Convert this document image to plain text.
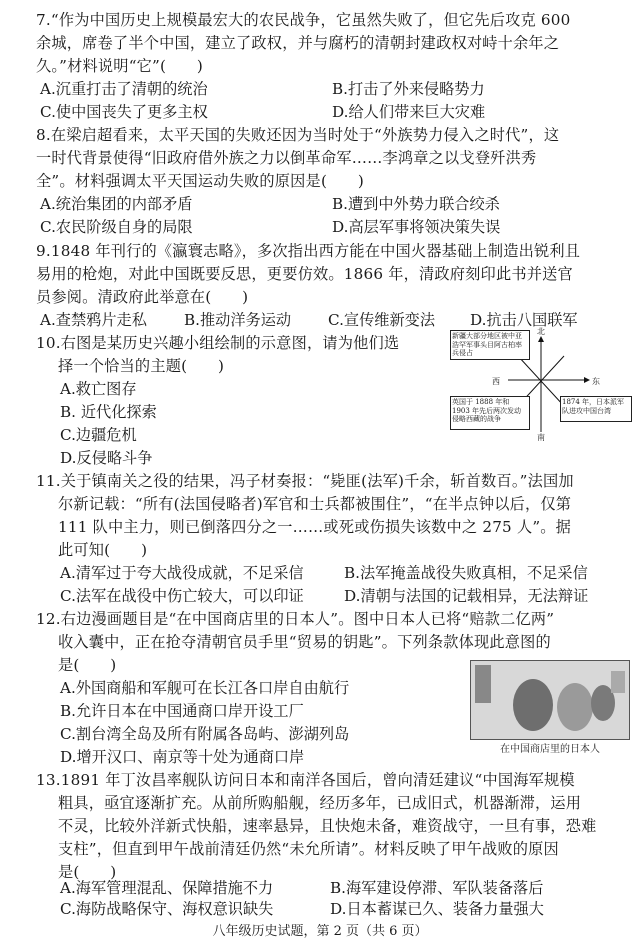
7.“作为中国历史上规模最宏大的农民战争，它虽然失败了，但它先后攻克 600
余城，席卷了半个中国，建立了政权，并与腐朽的清朝封建政权对峙十余年之
久。”材料说明“它”(　　)
A.沉重打击了清朝的统治	B.打击了外来侵略势力
C.使中国丧失了更多主权	D.给人们带来巨大灾难
8.在梁启超看来，太平天国的失败还因为当时处于“外族势力侵入之时代”，这
一时代背景使得“旧政府借外族之力以倒革命军……李鸿章之以戈登歼洪秀
全”。材料强调太平天国运动失败的原因是(　　)
A.统治集团的内部矛盾	B.遭到中外势力联合绞杀
C.农民阶级自身的局限	D.高层军事将领决策失误
9.1848 年刊行的《瀛寰志略》，多次指出西方能在中国火器基础上制造出锐利且
易用的枪炮，对此中国既要反思，更要仿效。1866 年，清政府刻印此书并送官
员参阅。清政府此举意在(　　)
A.查禁鸦片走私 B.推动洋务运动 C.宣传维新变法 D.抗击八国联军
10.右图是某历史兴趣小组绘制的示意图，请为他们选
择一个恰当的主题(　　)
A.救亡图存
B. 近代化探索
C.边疆危机
D.反侵略斗争
北
南
东
西
新疆大部分地区被中亚浩罕军事头目阿古柏率兵侵占
英国于 1888 年和 1903 年先后两次发动侵略西藏的战争
1874 年，日本派军队进攻中国台湾
11.关于镇南关之役的结果，冯子材奏报：“毙匪(法军)千余，斩首数百。”法国加
尔新记载：“所有(法国侵略者)军官和士兵都被围住”，“在半点钟以后，仅第
111 队中主力，则已倒落四分之一……或死或伤损失该数中之 275 人”。据
此可知(　　)
A.清军过于夸大战役成就，不足采信	B.法军掩盖战役失败真相，不足采信
C.法军在战役中伤亡较大，可以印证	D.清朝与法国的记载相异，无法辩证
12.右边漫画题目是“在中国商店里的日本人”。图中日本人已将“赔款二亿两”
收入囊中，正在抢夺清朝官员手里“贸易的钥匙”。下列条款体现此意图的
是(　　)
A.外国商船和军舰可在长江各口岸自由航行
B.允许日本在中国通商口岸开设工厂
C.割台湾全岛及所有附属各岛屿、澎湖列岛
D.增开汉口、南京等十处为通商口岸	在中国商店里的日本人
13.1891 年丁汝昌率舰队访问日本和南洋各国后，曾向清廷建议“中国海军规模
粗具，亟宜逐渐扩充。从前所购船舰，经历多年，已成旧式，机器渐滞，运用
不灵，比较外洋新式快船，速率悬异，且快炮未备，难资战守，一旦有事，恐难
支柱”，但直到甲午战前清廷仍然“未允所请”。材料反映了甲午战败的原因
是(　　)
A.海军管理混乱、保障措施不力	B.海军建设停滞、军队装备落后
C.海防战略保守、海权意识缺失	D.日本蓄谋已久、装备力量强大
八年级历史试题，第 2 页（共 6 页）
